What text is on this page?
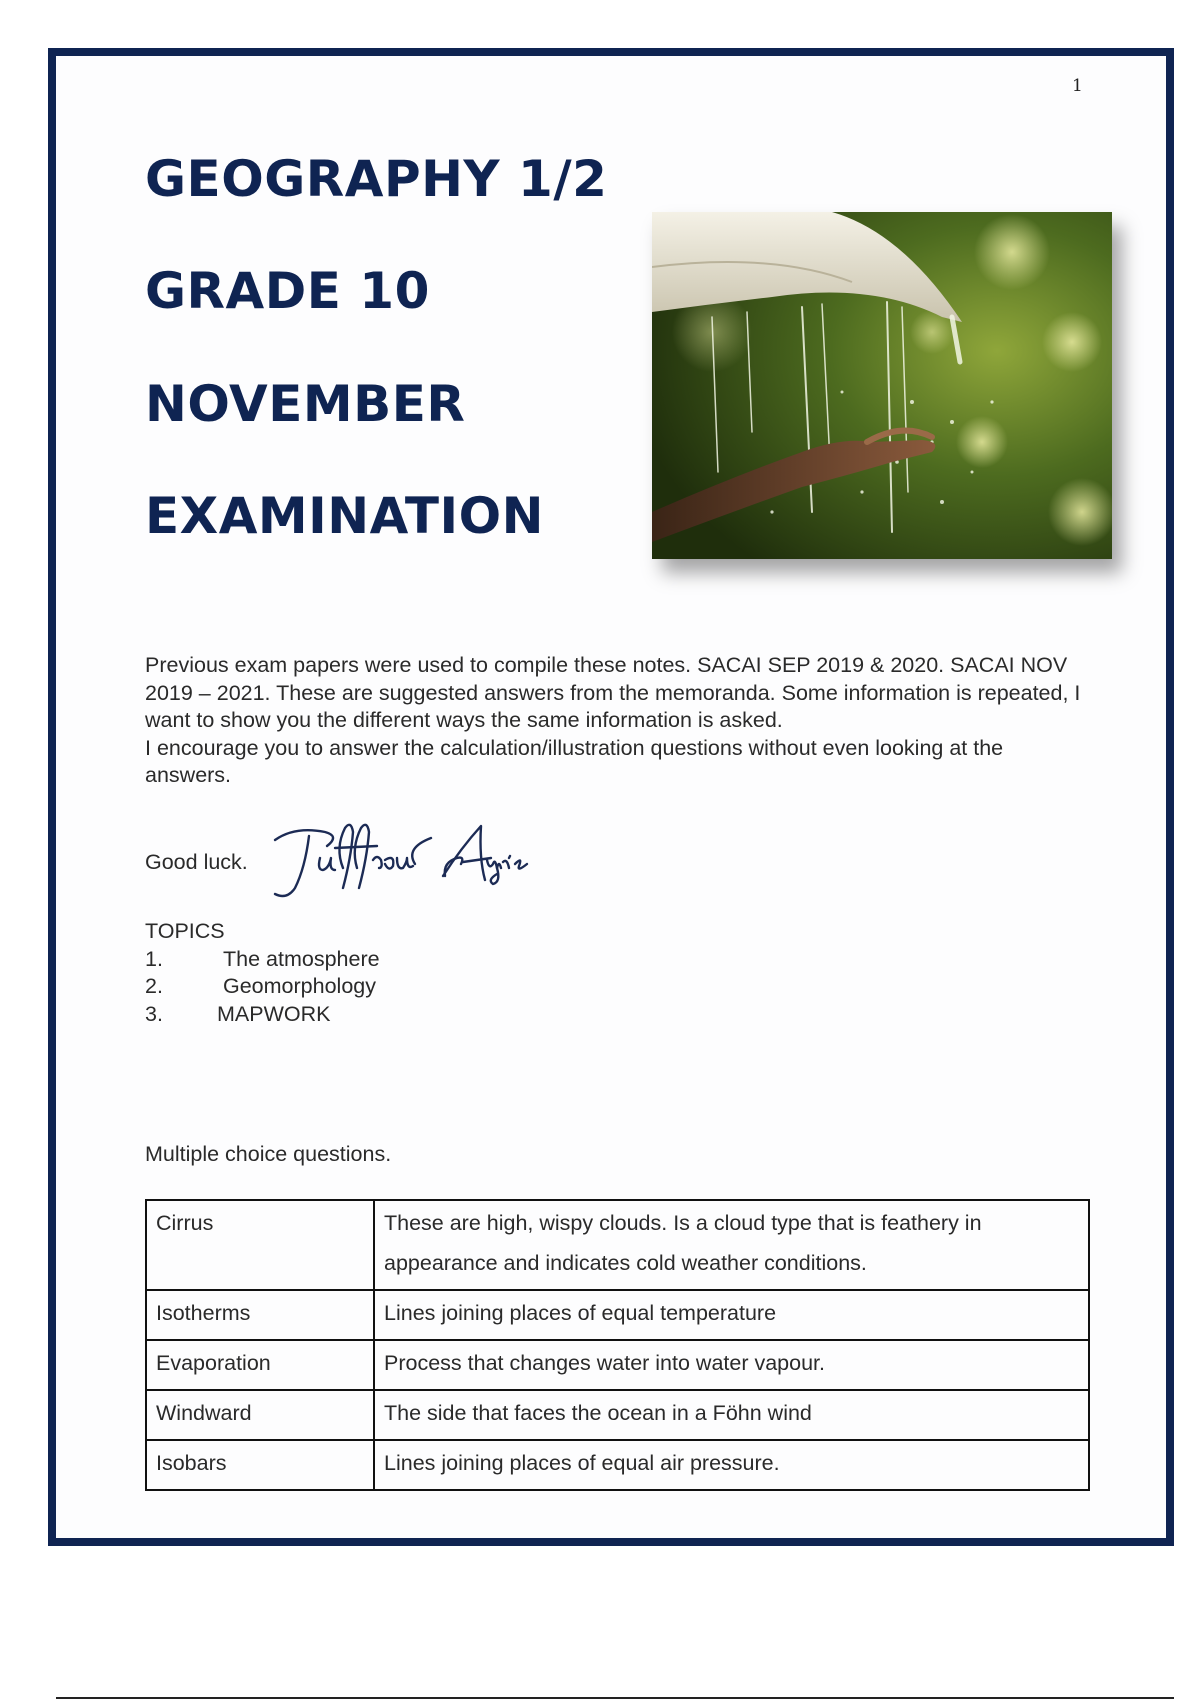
1
GEOGRAPHY 1/2
GRADE 10
NOVEMBER
EXAMINATION

Previous exam papers were used to compile these notes. SACAI SEP 2019 & 2020. SACAI NOV 2019 – 2021. These are suggested answers from the memoranda. Some information is repeated, I want to show you the different ways the same information is asked.

I encourage you to answer the calculation/illustration questions without even looking at the answers.

Good luck.

TOPICS

1.	The atmosphere
2.	Geomorphology
3.	MAPWORK

Multiple choice questions.

Cirrus	These are high, wispy clouds. Is a cloud type that is feathery in appearance and indicates cold weather conditions.
Isotherms	Lines joining places of equal temperature
Evaporation	Process that changes water into water vapour.
Windward	The side that faces the ocean in a Föhn wind
Isobars	Lines joining places of equal air pressure.
